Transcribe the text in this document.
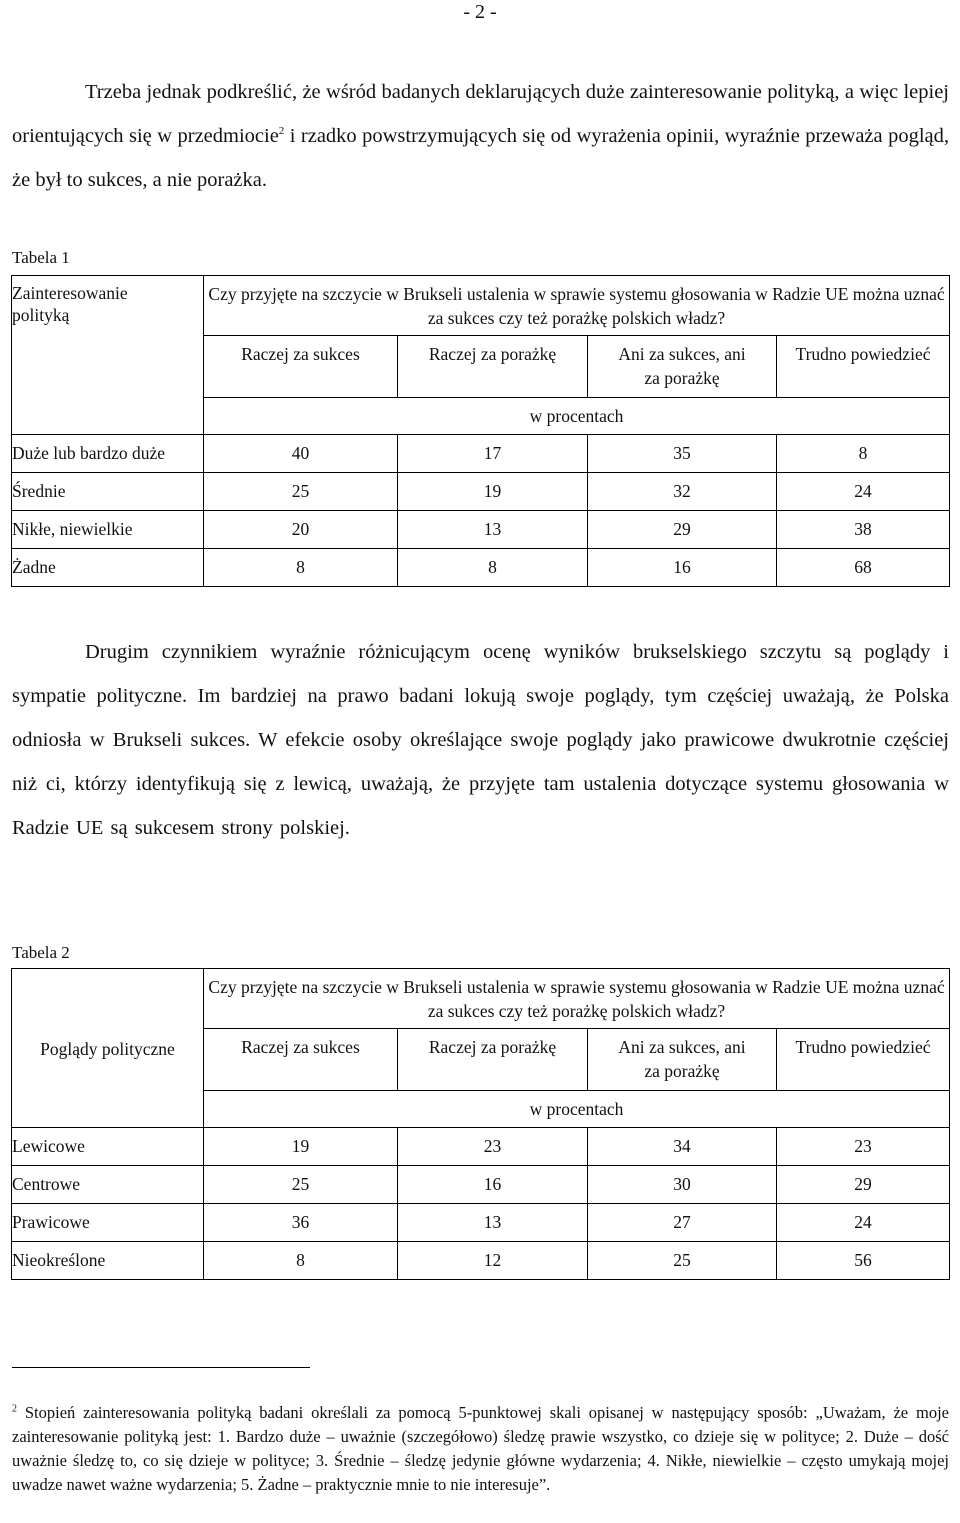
- 2 -

Trzeba jednak podkreślić, że wśród badanych deklarujących duże zainteresowanie polityką, a więc lepiej orientujących się w przedmiocie$^2$ i rzadko powstrzymujących się od wyrażenia opinii, wyraźnie przeważa pogląd, że był to sukces, a nie porażka.

Tabela 1
Zainteresowanie polityką	Czy przyjęte na szczycie w Brukseli ustalenia w sprawie systemu głosowania w Radzie UE można uznać za sukces czy też porażkę polskich władz?			
	Raczej za sukces	Raczej za porażkę	Ani za sukces, ani za porażkę	Trudno powiedzieć
	w procentach			
Duże lub bardzo duże	40	17	35	8
Średnie	25	19	32	24
Nikłe, niewielkie	20	13	29	38
Żadne	8	8	16	68

Drugim czynnikiem wyraźnie różnicującym ocenę wyników brukselskiego szczytu są poglądy i sympatie polityczne. Im bardziej na prawo badani lokują swoje poglądy, tym częściej uważają, że Polska odniosła w Brukseli sukces. W efekcie osoby określające swoje poglądy jako prawicowe dwukrotnie częściej niż ci, którzy identyfikują się z lewicą, uważają, że przyjęte tam ustalenia dotyczące systemu głosowania w Radzie UE są sukcesem strony polskiej.

Tabela 2
Poglądy polityczne	Czy przyjęte na szczycie w Brukseli ustalenia w sprawie systemu głosowania w Radzie UE można uznać za sukces czy też porażkę polskich władz?			
	Raczej za sukces	Raczej za porażkę	Ani za sukces, ani za porażkę	Trudno powiedzieć
	w procentach			
Lewicowe	19	23	34	23
Centrowe	25	16	30	29
Prawicowe	36	13	27	24
Nieokreślone	8	12	25	56

$^2$ Stopień zainteresowania polityką badani określali za pomocą 5-punktowej skali opisanej w następujący sposób: „Uważam, że moje zainteresowanie polityką jest: 1. Bardzo duże – uważnie (szczegółowo) śledzę prawie wszystko, co dzieje się w polityce; 2. Duże – dość uważnie śledzę to, co się dzieje w polityce; 3. Średnie – śledzę jedynie główne wydarzenia; 4. Nikłe, niewielkie – często umykają mojej uwadze nawet ważne wydarzenia; 5. Żadne – praktycznie mnie to nie interesuje”.
